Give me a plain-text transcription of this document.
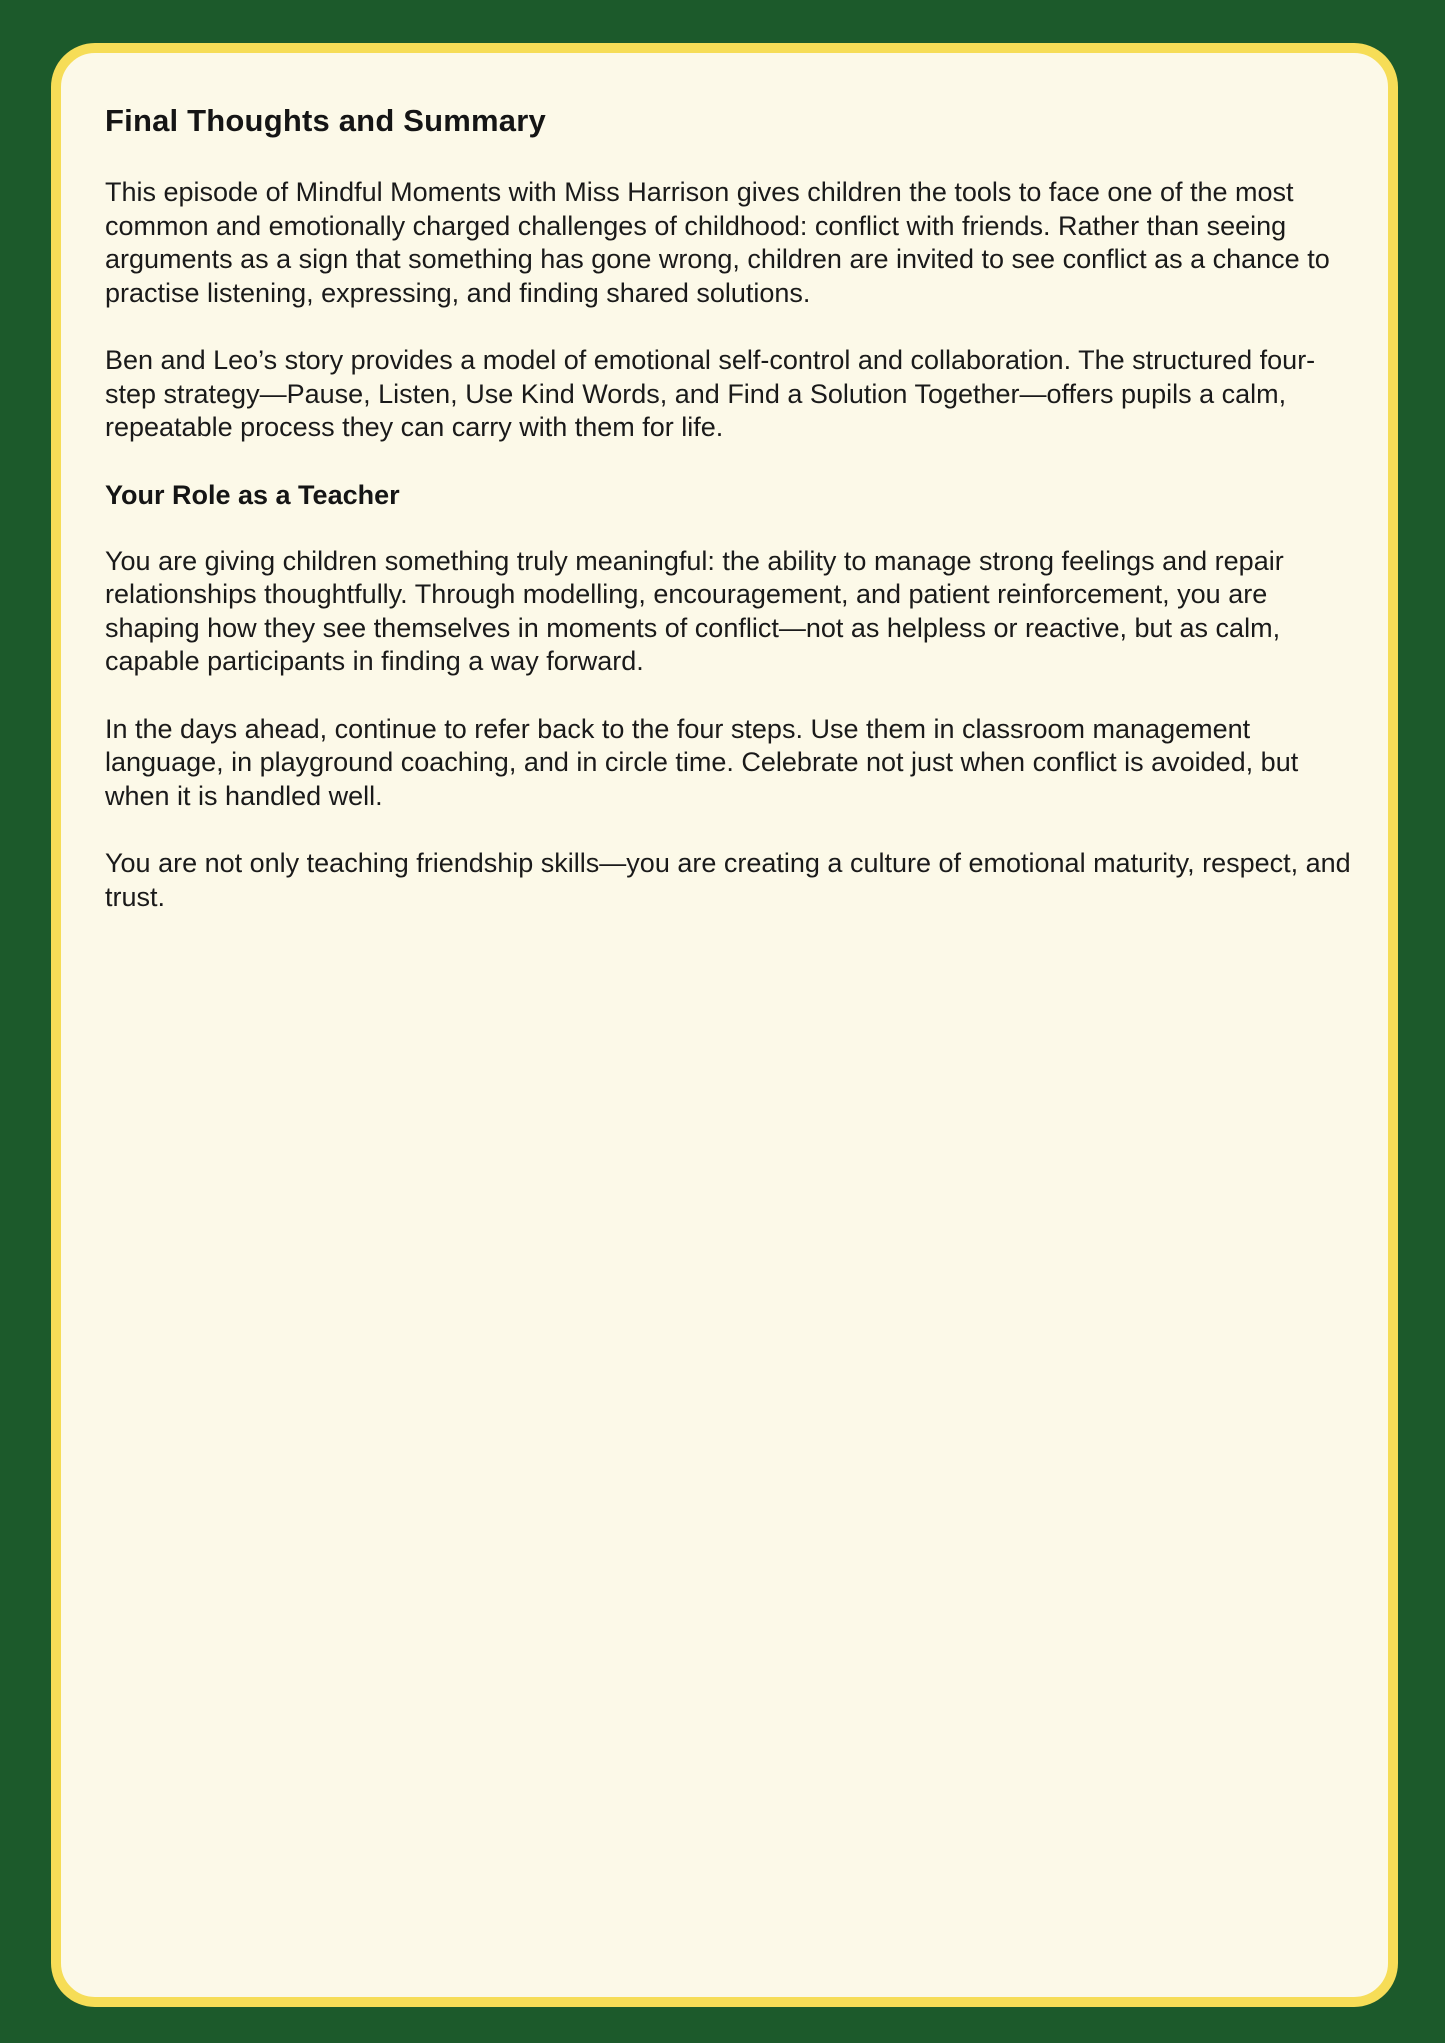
Final Thoughts and Summary

This episode of Mindful Moments with Miss Harrison gives children the tools to face one of the most common and emotionally charged challenges of childhood: conflict with friends. Rather than seeing arguments as a sign that something has gone wrong, children are invited to see conflict as a chance to practise listening, expressing, and finding shared solutions.

Ben and Leo’s story provides a model of emotional self-control and collaboration. The structured four-step strategy—Pause, Listen, Use Kind Words, and Find a Solution Together—offers pupils a calm, repeatable process they can carry with them for life.

Your Role as a Teacher

You are giving children something truly meaningful: the ability to manage strong feelings and repair relationships thoughtfully. Through modelling, encouragement, and patient reinforcement, you are shaping how they see themselves in moments of conflict—not as helpless or reactive, but as calm, capable participants in finding a way forward.

In the days ahead, continue to refer back to the four steps. Use them in classroom management language, in playground coaching, and in circle time. Celebrate not just when conflict is avoided, but when it is handled well.

You are not only teaching friendship skills—you are creating a culture of emotional maturity, respect, and trust.
